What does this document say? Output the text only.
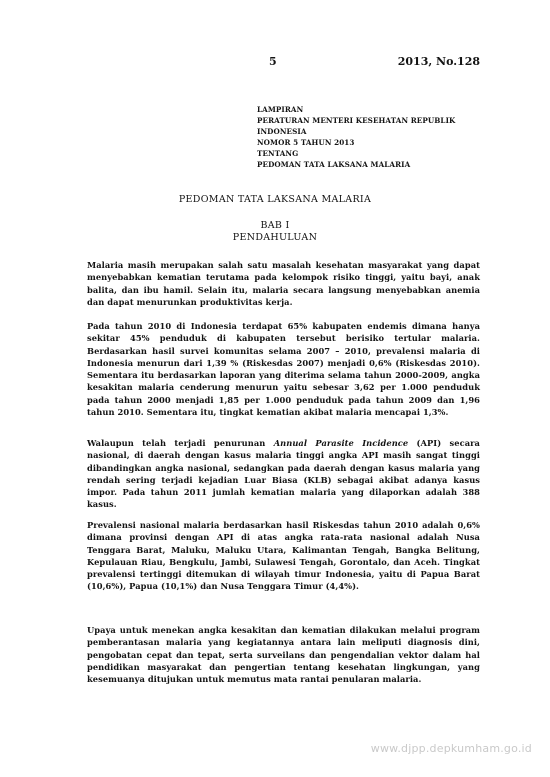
5	2013, No.128
LAMPIRAN
PERATURAN MENTERI KESEHATAN REPUBLIK
INDONESIA
NOMOR 5 TAHUN 2013
TENTANG
PEDOMAN TATA LAKSANA MALARIA
PEDOMAN TATA LAKSANA MALARIA
BAB I
PENDAHULUAN

Malaria masih merupakan salah satu masalah kesehatan masyarakat yang dapat menyebabkan kematian terutama pada kelompok risiko tinggi, yaitu bayi, anak balita, dan ibu hamil. Selain itu, malaria secara langsung menyebabkan anemia dan dapat menurunkan produktivitas kerja.

Pada tahun 2010 di Indonesia terdapat 65% kabupaten endemis dimana hanya sekitar 45% penduduk di kabupaten tersebut berisiko tertular malaria. Berdasarkan hasil survei komunitas selama 2007 – 2010, prevalensi malaria di Indonesia menurun dari 1,39 % (Riskesdas 2007) menjadi 0,6% (Riskesdas 2010). Sementara itu berdasarkan laporan yang diterima selama tahun 2000-2009, angka kesakitan malaria cenderung menurun yaitu sebesar 3,62 per 1.000 penduduk pada tahun 2000 menjadi 1,85 per 1.000 penduduk pada tahun 2009 dan 1,96 tahun 2010. Sementara itu, tingkat kematian akibat malaria mencapai 1,3%.

Walaupun telah terjadi penurunan Annual Parasite Incidence (API) secara nasional, di daerah dengan kasus malaria tinggi angka API masih sangat tinggi dibandingkan angka nasional, sedangkan pada daerah dengan kasus malaria yang rendah sering terjadi kejadian Luar Biasa (KLB) sebagai akibat adanya kasus impor. Pada tahun 2011 jumlah kematian malaria yang dilaporkan adalah 388 kasus.

Prevalensi nasional malaria berdasarkan hasil Riskesdas tahun 2010 adalah 0,6% dimana provinsi dengan API di atas angka rata-rata nasional adalah Nusa Tenggara Barat, Maluku, Maluku Utara, Kalimantan Tengah, Bangka Belitung, Kepulauan Riau, Bengkulu, Jambi, Sulawesi Tengah, Gorontalo, dan Aceh. Tingkat prevalensi tertinggi ditemukan di wilayah timur Indonesia, yaitu di Papua Barat (10,6%), Papua (10,1%) dan Nusa Tenggara Timur (4,4%).

Upaya untuk menekan angka kesakitan dan kematian dilakukan melalui program pemberantasan malaria yang kegiatannya antara lain meliputi diagnosis dini, pengobatan cepat dan tepat, serta surveilans dan pengendalian vektor dalam hal pendidikan masyarakat dan pengertian tentang kesehatan lingkungan, yang kesemuanya ditujukan untuk memutus mata rantai penularan malaria.

www.djpp.depkumham.go.id
